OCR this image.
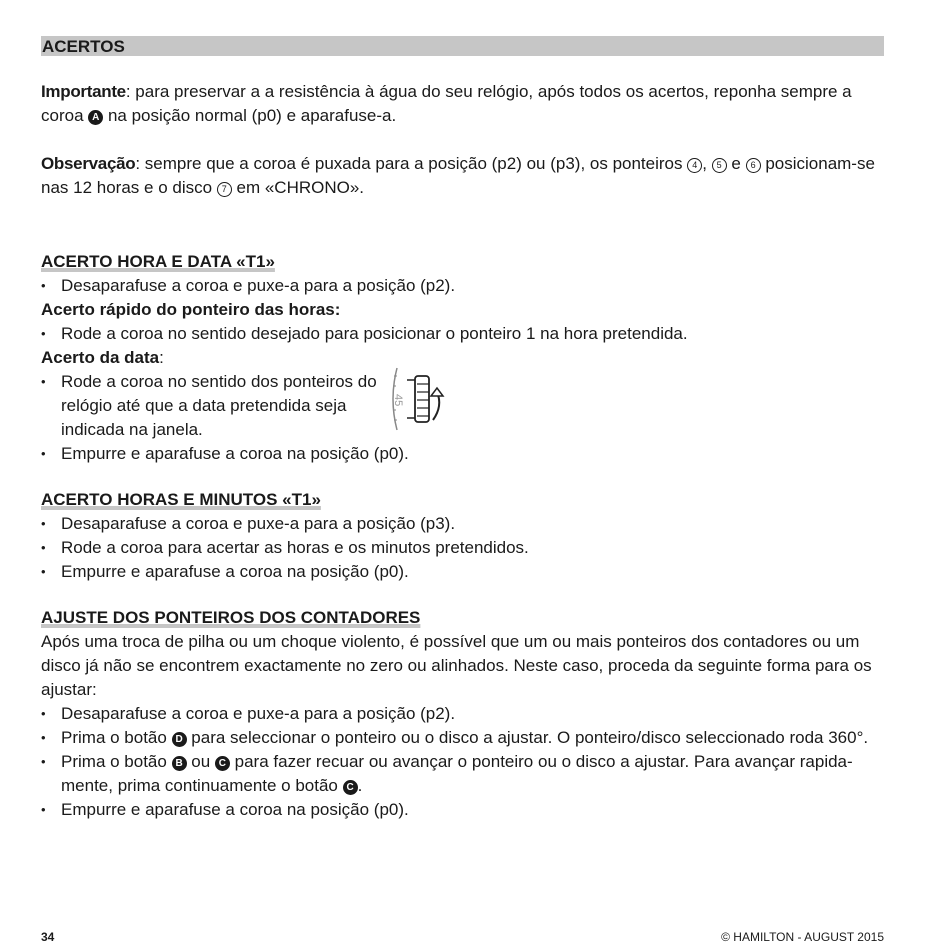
ACERTOS

Importante: para preservar a a resistência à água do seu relógio, após todos os acertos, reponha sempre a coroa A na posição normal (p0) e aparafuse-a.

Observação: sempre que a coroa é puxada para a posição (p2) ou (p3), os ponteiros 4 , 5 e 6 posicionam-se nas 12 horas e o disco 7 em «CHRONO».

ACERTO HORA E DATA «T1»
• Desaparafuse a coroa e puxe-a para a posição (p2).

Acerto rápido do ponteiro das horas:

• Rode a coroa no sentido desejado para posicionar o ponteiro 1 na hora pretendida.

Acerto da data:

• Rode a coroa no sentido dos ponteiros do relógio até que a data pretendida seja indicada na janela.
45
• Empurre e aparafuse a coroa na posição (p0).
ACERTO HORAS E MINUTOS «T1»
• Desaparafuse a coroa e puxe-a para a posição (p3).
• Rode a coroa para acertar as horas e os minutos pretendidos.
• Empurre e aparafuse a coroa na posição (p0).
AJUSTE DOS PONTEIROS DOS CONTADORES

Após uma troca de pilha ou um choque violento, é possível que um ou mais ponteiros dos contadores ou um disco já não se encontrem exactamente no zero ou alinhados. Neste caso, proceda da seguinte forma para os ajustar:

• Desaparafuse a coroa e puxe-a para a posição (p2).
• Prima o botão D para seleccionar o ponteiro ou o disco a ajustar. O ponteiro/disco seleccionado roda 360°.
• Prima o botão B ou C para fazer recuar ou avançar o ponteiro ou o disco a ajustar. Para avançar rapida-mente, prima continuamente o botão C .
• Empurre e aparafuse a coroa na posição (p0).
34	© HAMILTON - AUGUST 2015
